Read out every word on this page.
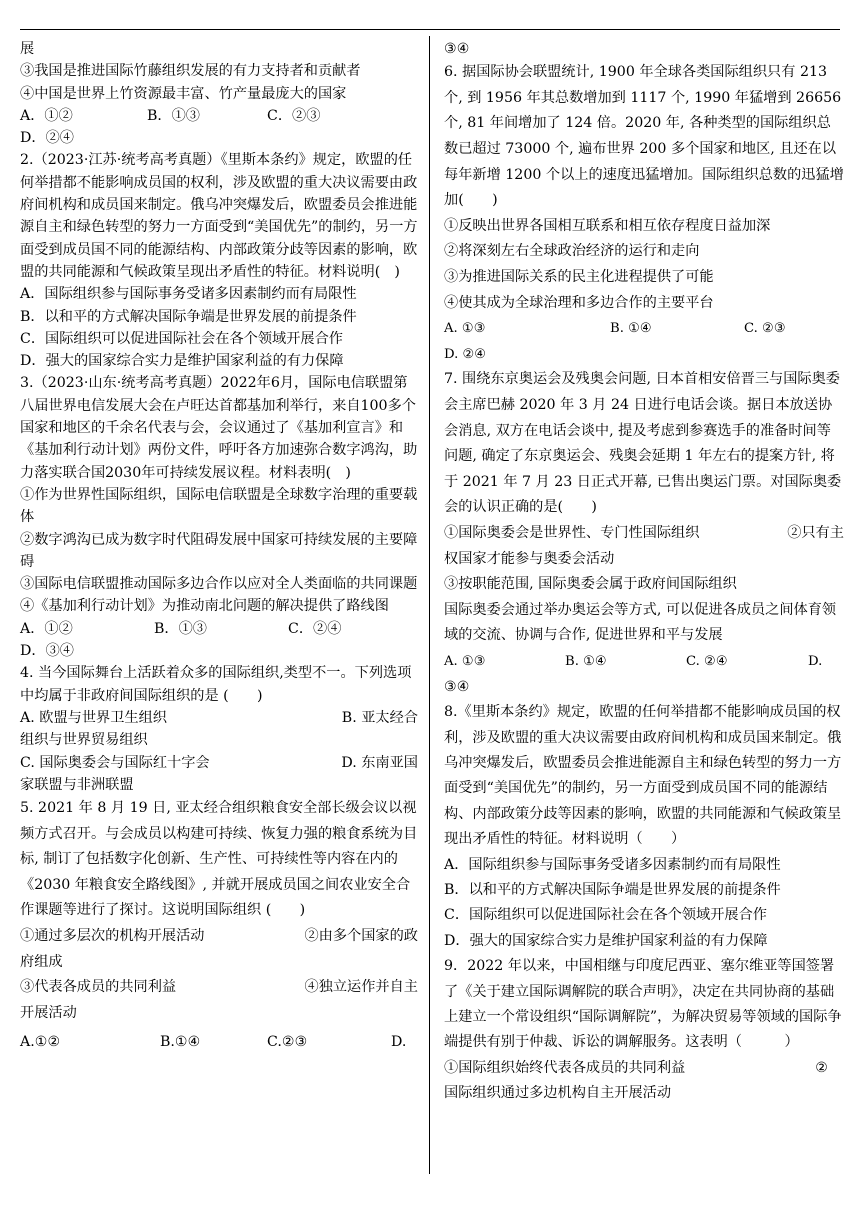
展

③我国是推进国际竹藤组织发展的有力支持者和贡献者

④中国是世界上竹资源最丰富、竹产量最庞大的国家

A．①②	B．①③	C．②③

D．②④

2.（2023·江苏·统考高考真题）《里斯本条约》规定，欧盟的任何举措都不能影响成员国的权利，涉及欧盟的重大决议需要由政府间机构和成员国来制定。俄乌冲突爆发后，欧盟委员会推进能源自主和绿色转型的努力一方面受到“美国优先”的制约，另一方面受到成员国不同的能源结构、内部政策分歧等因素的影响，欧盟的共同能源和气候政策呈现出矛盾性的特征。材料说明(　)

A．国际组织参与国际事务受诸多因素制约而有局限性

B．以和平的方式解决国际争端是世界发展的前提条件

C．国际组织可以促进国际社会在各个领域开展合作

D．强大的国家综合实力是维护国家利益的有力保障

3.（2023·山东·统考高考真题）2022年6月，国际电信联盟第八届世界电信发展大会在卢旺达首都基加利举行，来自100多个国家和地区的千余名代表与会，会议通过了《基加利宣言》和《基加利行动计划》两份文件，呼吁各方加速弥合数字鸿沟，助力落实联合国2030年可持续发展议程。材料表明(　)

①作为世界性国际组织，国际电信联盟是全球数字治理的重要载体

②数字鸿沟已成为数字时代阻碍发展中国家可持续发展的主要障碍

③国际电信联盟推动国际多边合作以应对全人类面临的共同课题

④《基加利行动计划》为推动南北问题的解决提供了路线图

A．①②	B．①③	C．②④

D．③④

4. 当今国际舞台上活跃着众多的国际组织,类型不一。下列选项中均属于非政府间国际组织的是 (　　)

A. 欧盟与世界卫生组织	B. 亚太经合

组织与世界贸易组织

C. 国际奥委会与国际红十字会	D. 东南亚国

家联盟与非洲联盟

5. 2021 年 8 月 19 日, 亚太经合组织粮食安全部长级会议以视频方式召开。与会成员以构建可持续、恢复力强的粮食系统为目标, 制订了包括数字化创新、生产性、可持续性等内容在内的《2030 年粮食安全路线图》, 并就开展成员国之间农业安全合作课题等进行了探讨。这说明国际组织 (　　)

①通过多层次的机构开展活动	②由多个国家的政

府组成

③代表各成员的共同利益	④独立运作并自主

开展活动

A.①②	B.①④	C.②③	D.

③④

6. 据国际协会联盟统计, 1900 年全球各类国际组织只有 213 个, 到 1956 年其总数增加到 1117 个, 1990 年猛增到 26656 个, 81 年间增加了 124 倍。2020 年, 各种类型的国际组织总数已超过 73000 个, 遍布世界 200 多个国家和地区, 且还在以每年新增 1200 个以上的速度迅猛增加。国际组织总数的迅猛增加(　　)

①反映出世界各国相互联系和相互依存程度日益加深

②将深刻左右全球政治经济的运行和走向

③为推进国际关系的民主化进程提供了可能

④使其成为全球治理和多边合作的主要平台

A. ①③	B. ①④	C. ②③

D. ②④

7. 围绕东京奥运会及残奥会问题, 日本首相安倍晋三与国际奥委会主席巴赫 2020 年 3 月 24 日进行电话会谈。据日本放送协会消息, 双方在电话会谈中, 提及考虑到参赛选手的准备时间等问题, 确定了东京奥运会、残奥会延期 1 年左右的提案方针, 将于 2021 年 7 月 23 日正式开幕, 已售出奥运门票。对国际奥委会的认识正确的是(　　)

①国际奥委会是世界性、专门性国际组织	②只有主

权国家才能参与奥委会活动

③按职能范围, 国际奥委会属于政府间国际组织

国际奥委会通过举办奥运会等方式, 可以促进各成员之间体育领域的交流、协调与合作, 促进世界和平与发展

A. ①③	B. ①④	C. ②④	D.

③④

8.《里斯本条约》规定，欧盟的任何举措都不能影响成员国的权利，涉及欧盟的重大决议需要由政府间机构和成员国来制定。俄乌冲突爆发后，欧盟委员会推进能源自主和绿色转型的努力一方面受到“美国优先”的制约，另一方面受到成员国不同的能源结构、内部政策分歧等因素的影响，欧盟的共同能源和气候政策呈现出矛盾性的特征。材料说明（　　）

A．国际组织参与国际事务受诸多因素制约而有局限性

B．以和平的方式解决国际争端是世界发展的前提条件

C．国际组织可以促进国际社会在各个领域开展合作

D．强大的国家综合实力是维护国家利益的有力保障

9．2022 年以来，中国相继与印度尼西亚、塞尔维亚等国签署了《关于建立国际调解院的联合声明》，决定在共同协商的基础上建立一个常设组织“国际调解院”，为解决贸易等领域的国际争端提供有别于仲裁、诉讼的调解服务。这表明（　　　）

①国际组织始终代表各成员的共同利益	②

国际组织通过多边机构自主开展活动
